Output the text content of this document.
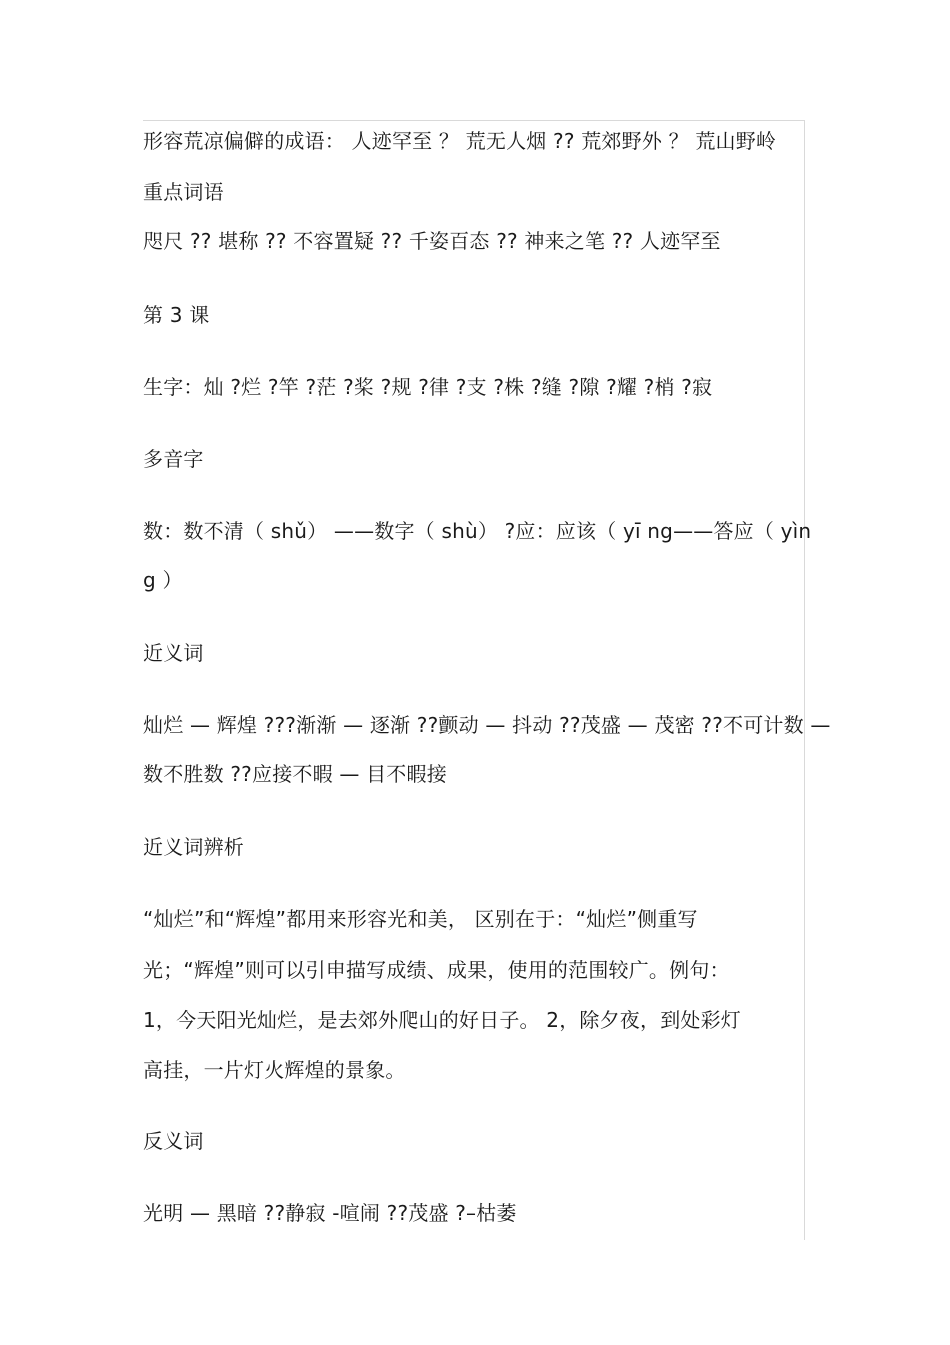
形容荒凉偏僻的成语： 人迹罕至 ？ 荒无人烟 ?? 荒郊野外 ？ 荒山野岭
重点词语
咫尺 ?? 堪称 ?? 不容置疑 ?? 千姿百态 ?? 神来之笔 ?? 人迹罕至
第 3 课
生字：灿 ?烂 ?竿 ?茫 ?桨 ?规 ?律 ?支 ?株 ?缝 ?隙 ?耀 ?梢 ?寂
多音字
数：数不清（ shǔ） ——数字（ shù） ?应：应该（ yī ng——答应（ yìn
g ）
近义词
灿烂 — 辉煌 ???渐渐 — 逐渐 ??颤动 — 抖动 ??茂盛 — 茂密 ??不可计数 —
数不胜数 ??应接不暇 — 目不暇接
近义词辨析
“灿烂”和“辉煌”都用来形容光和美， 区别在于：“灿烂”侧重写
光；“辉煌”则可以引申描写成绩、成果，使用的范围较广。例句：
1，今天阳光灿烂，是去郊外爬山的好日子。 2，除夕夜，到处彩灯
高挂，一片灯火辉煌的景象。
反义词
光明 — 黑暗 ??静寂 -喧闹 ??茂盛 ?–枯萎
